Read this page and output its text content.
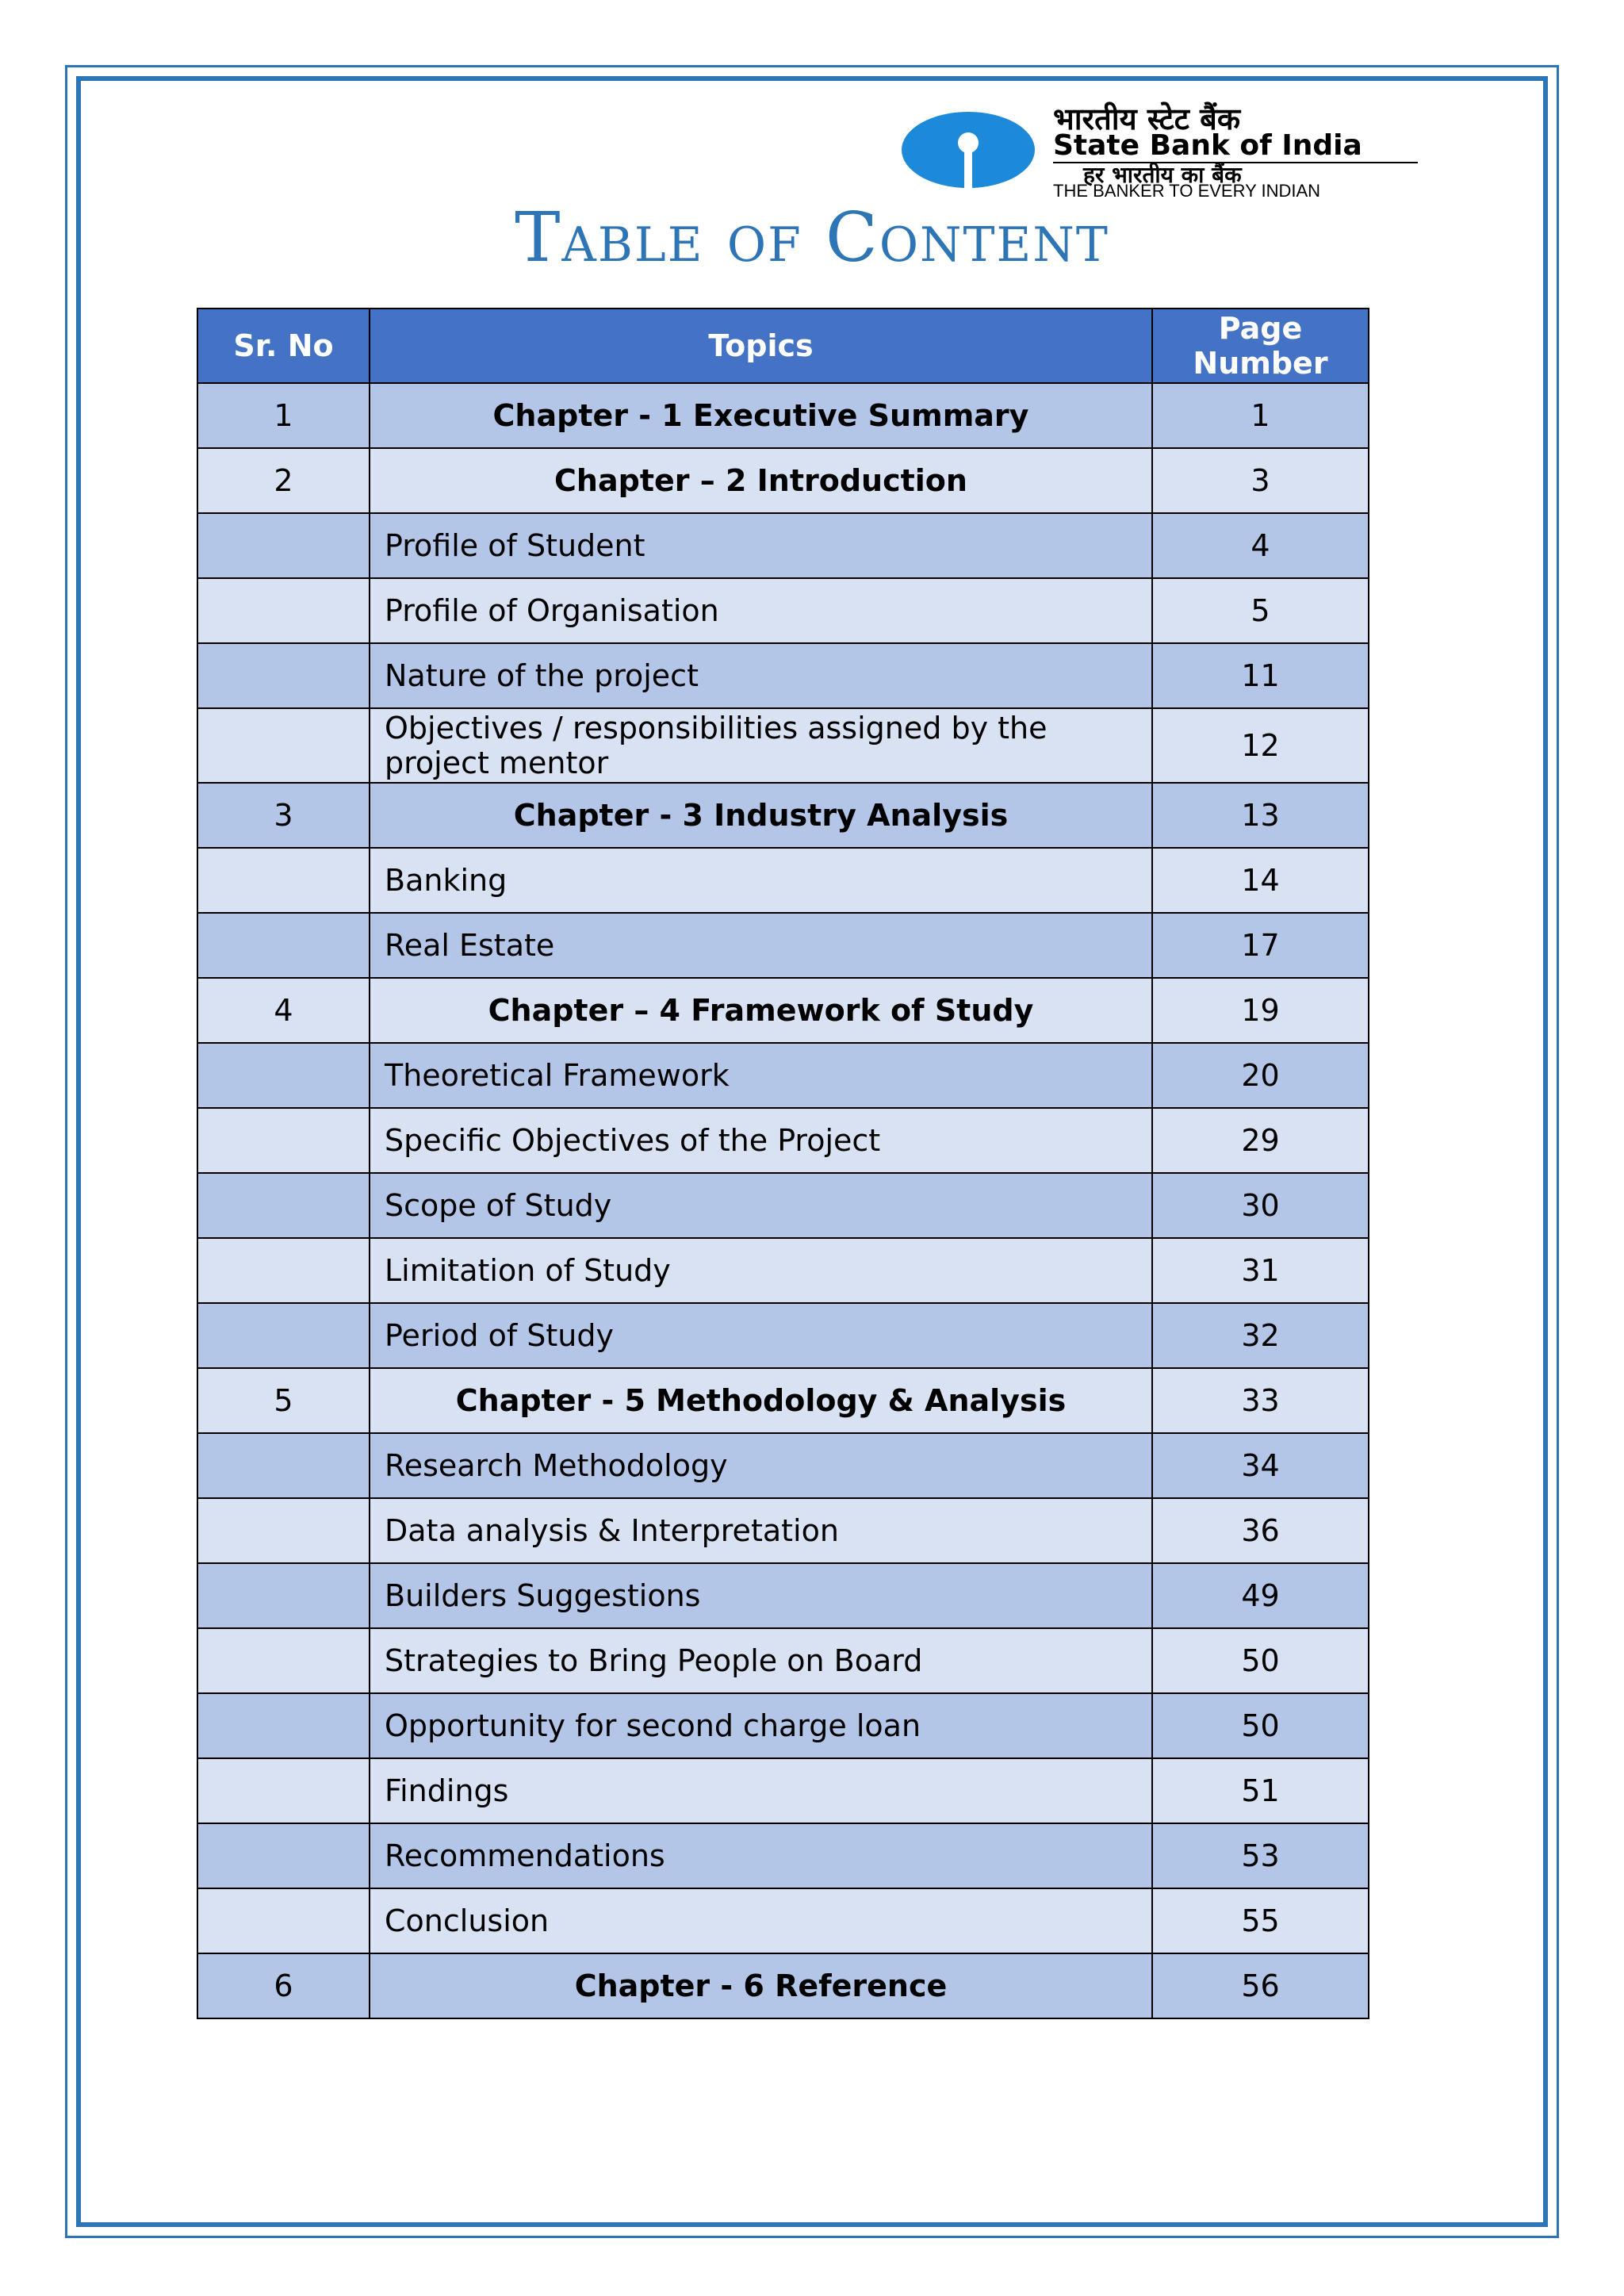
भारतीय स्टेट बैंक
State Bank of India
हर भारतीय का बैंक
THE BANKER TO EVERY INDIAN
Table of Content
Sr. No	Topics	Page Number
1	Chapter - 1 Executive Summary	1
2	Chapter – 2 Introduction	3
	Profile of Student	4
	Profile of Organisation	5
	Nature of the project	11
	Objectives / responsibilities assigned by the project mentor	12
3	Chapter - 3 Industry Analysis	13
	Banking	14
	Real Estate	17
4	Chapter – 4 Framework of Study	19
	Theoretical Framework	20
	Specific Objectives of the Project	29
	Scope of Study	30
	Limitation of Study	31
	Period of Study	32
5	Chapter - 5 Methodology & Analysis	33
	Research Methodology	34
	Data analysis & Interpretation	36
	Builders Suggestions	49
	Strategies to Bring People on Board	50
	Opportunity for second charge loan	50
	Findings	51
	Recommendations	53
	Conclusion	55
6	Chapter - 6 Reference	56
